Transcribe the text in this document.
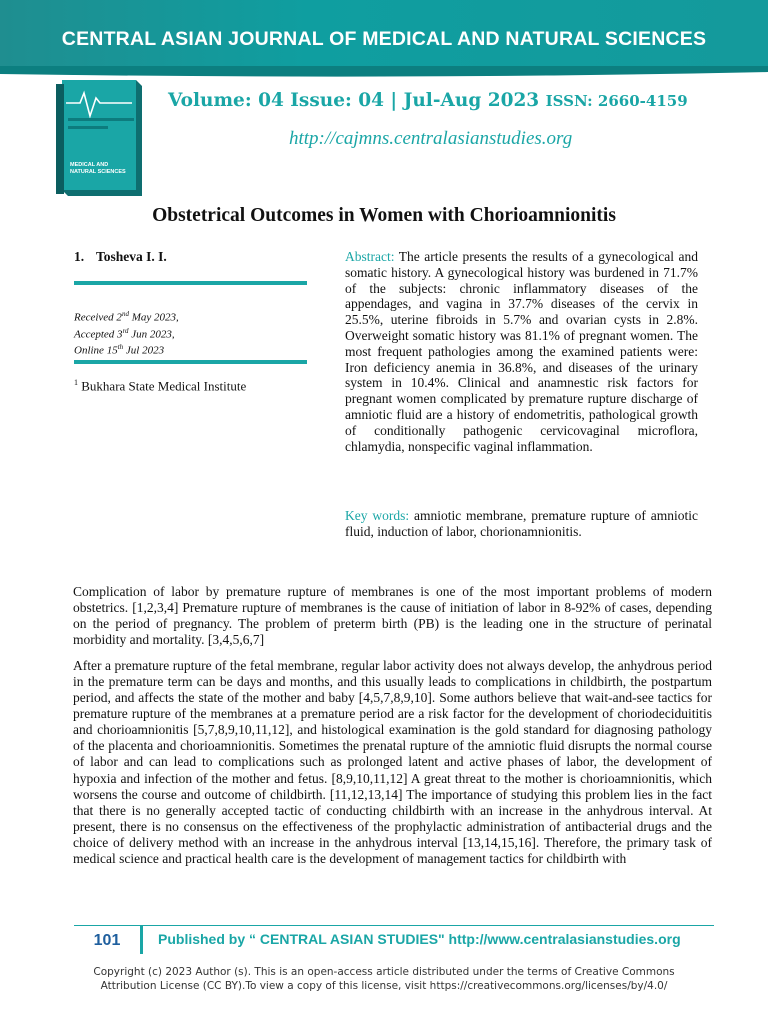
CENTRAL ASIAN JOURNAL OF MEDICAL AND NATURAL SCIENCES
MEDICAL AND
NATURAL SCIENCES
Volume: 04 Issue: 04 | Jul-Aug 2023 ISSN: 2660-4159
http://cajmns.centralasianstudies.org
Obstetrical Outcomes in Women with Chorioamnionitis
1. Tosheva I. I.
Received 2nd May 2023,
Accepted 3rd Jun 2023,
Online 15th Jul 2023
$^1$ Bukhara State Medical Institute
Abstract: The article presents the results of a gynecological and somatic history. A gynecological history was burdened in 71.7% of the subjects: chronic inflammatory diseases of the appendages, and vagina in 37.7% diseases of the cervix in 25.5%, uterine fibroids in 5.7% and ovarian cysts in 2.8%. Overweight somatic history was 81.1% of pregnant women. The most frequent pathologies among the examined patients were: Iron deficiency anemia in 36.8%, and diseases of the urinary system in 10.4%. Clinical and anamnestic risk factors for pregnant women complicated by premature rupture discharge of amniotic fluid are a history of endometritis, pathological growth of conditionally pathogenic cervicovaginal microflora, chlamydia, nonspecific vaginal inflammation.
Key words: amniotic membrane, premature rupture of amniotic fluid, induction of labor, chorionamnionitis.

Complication of labor by premature rupture of membranes is one of the most important problems of modern obstetrics. [1,2,3,4] Premature rupture of membranes is the cause of initiation of labor in 8-92% of cases, depending on the period of pregnancy. The problem of preterm birth (PB) is the leading one in the structure of perinatal morbidity and mortality. [3,4,5,6,7]

After a premature rupture of the fetal membrane, regular labor activity does not always develop, the anhydrous period in the premature term can be days and months, and this usually leads to complications in childbirth, the postpartum period, and affects the state of the mother and baby [4,5,7,8,9,10]. Some authors believe that wait-and-see tactics for premature rupture of the membranes at a premature period are a risk factor for the development of choriodeciduititis and chorioamnionitis [5,7,8,9,10,11,12], and histological examination is the gold standard for diagnosing pathology of the placenta and chorioamnionitis. Sometimes the prenatal rupture of the amniotic fluid disrupts the normal course of labor and can lead to complications such as prolonged latent and active phases of labor, the development of hypoxia and infection of the mother and fetus. [8,9,10,11,12] A great threat to the mother is chorioamnionitis, which worsens the course and outcome of childbirth. [11,12,13,14] The importance of studying this problem lies in the fact that there is no generally accepted tactic of conducting childbirth with an increase in the anhydrous interval. At present, there is no consensus on the effectiveness of the prophylactic administration of antibacterial drugs and the choice of delivery method with an increase in the anhydrous interval [13,14,15,16]. Therefore, the primary task of medical science and practical health care is the development of management tactics for childbirth with

101	Published by “ CENTRAL ASIAN STUDIES" http://www.centralasianstudies.org
Copyright (c) 2023 Author (s). This is an open-access article distributed under the terms of Creative Commons
Attribution License (CC BY).To view a copy of this license, visit https://creativecommons.org/licenses/by/4.0/
